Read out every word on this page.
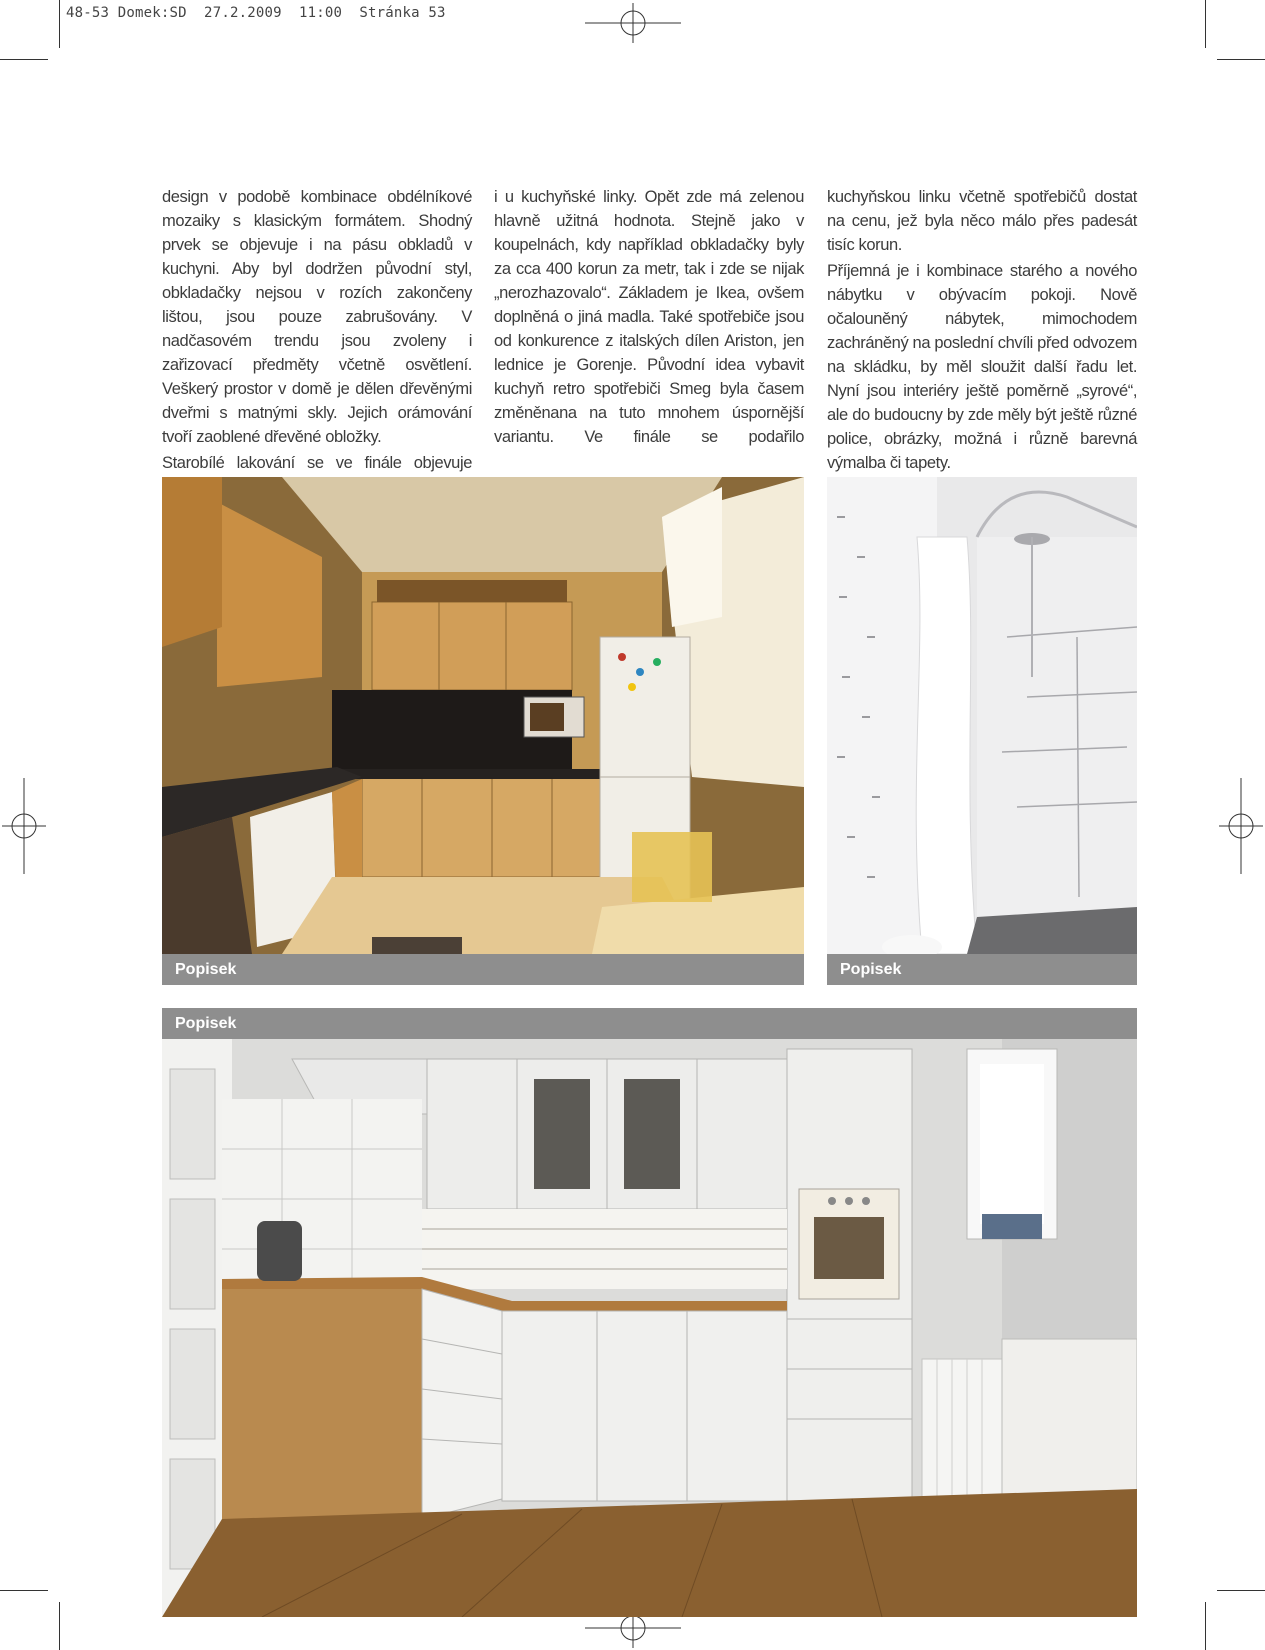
48-53 Domek:SD  27.2.2009  11:00  Stránka 53

design v podobě kombinace obdélníkové mozaiky s klasickým formátem. Shodný prvek se objevuje i na pásu obkladů v kuchyni. Aby byl dodržen původní styl, obkladačky nejsou v rozích zakončeny lištou, jsou pouze zabrušovány. V nadčasovém trendu jsou zvoleny i zařizovací předměty včetně osvětlení. Veškerý prostor v domě je dělen dřevěnými dveřmi s matnými skly. Jejich orámování tvoří zaoblené dřevěné obložky.

Starobílé lakování se ve finále objevuje

i u kuchyňské linky. Opět zde má zelenou hlavně užitná hodnota. Stejně jako v koupelnách, kdy například obkladačky byly za cca 400 korun za metr, tak i zde se nijak „nerozhazovalo“. Základem je Ikea, ovšem doplněná o jiná madla. Také spotřebiče jsou od konkurence z italských dílen Ariston, jen lednice je Gorenje. Původní idea vybavit kuchyň retro spotřebiči Smeg byla časem změněnana na tuto mnohem úspornější variantu. Ve finále se podařilo

kuchyňskou linku včetně spotřebičů dostat na cenu, jež byla něco málo přes padesát tisíc korun.

Příjemná je i kombinace starého a nového nábytku v obývacím pokoji. Nově očalouněný nábytek, mimochodem zachráněný na poslední chvíli před odvozem na skládku, by měl sloužit další řadu let. Nyní jsou interiéry ještě poměrně „syrové“, ale do budoucny by zde měly být ještě různé police, obrázky, možná i různě barevná výmalba či tapety.

Popisek	Popisek
Popisek
